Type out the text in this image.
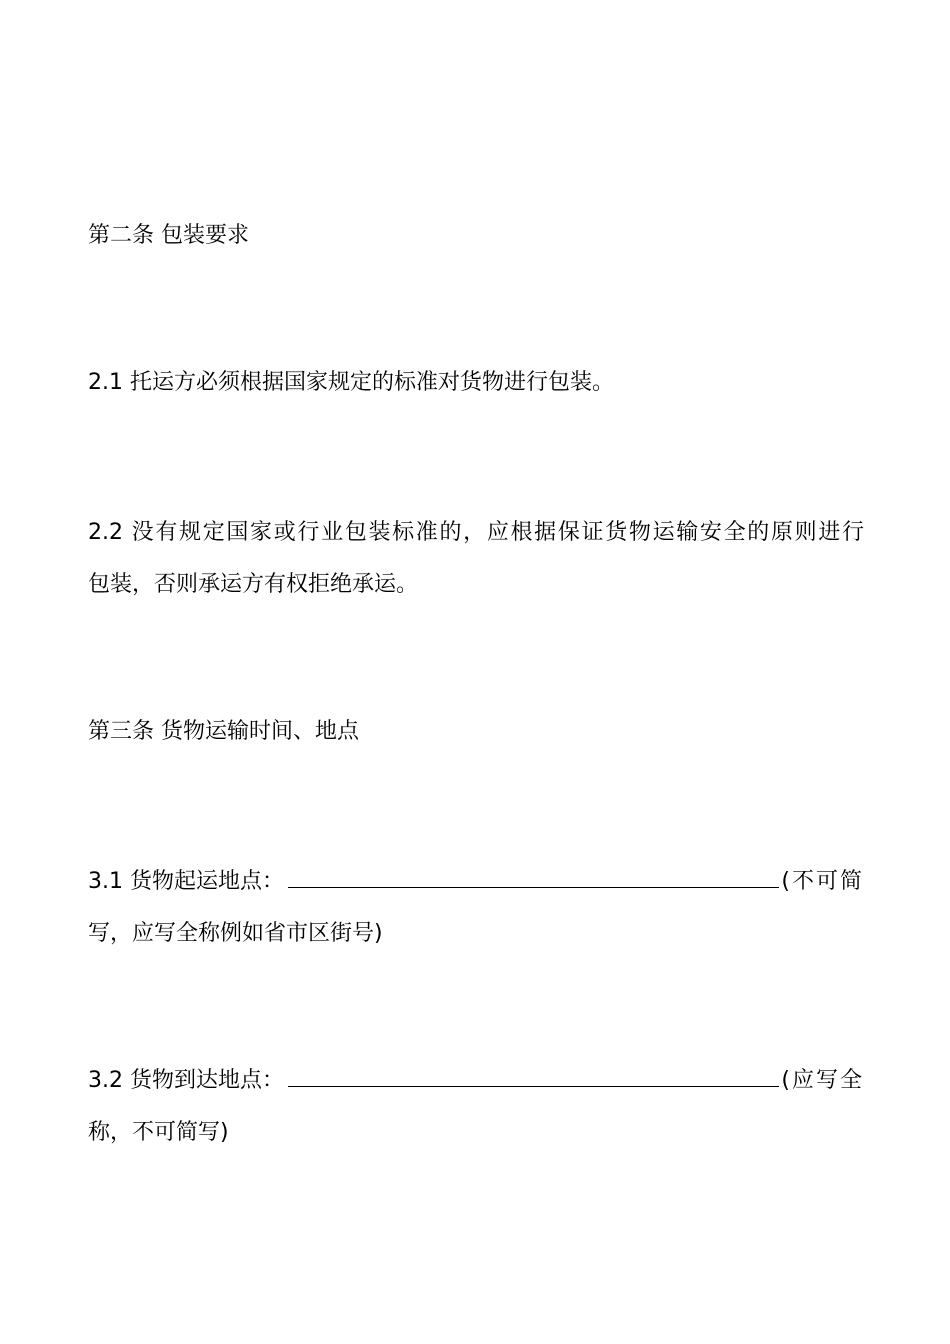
第二条 包装要求

2.1 托运方必须根据国家规定的标准对货物进行包装。

2.2 没有规定国家或行业包装标准的，应根据保证货物运输安全的原则进行
包装，否则承运方有权拒绝承运。

第三条 货物运输时间、地点

3.1 货物起运地点：	(不可简
写，应写全称例如省市区街号)
3.2 货物到达地点：	(应写全
称，不可简写)
